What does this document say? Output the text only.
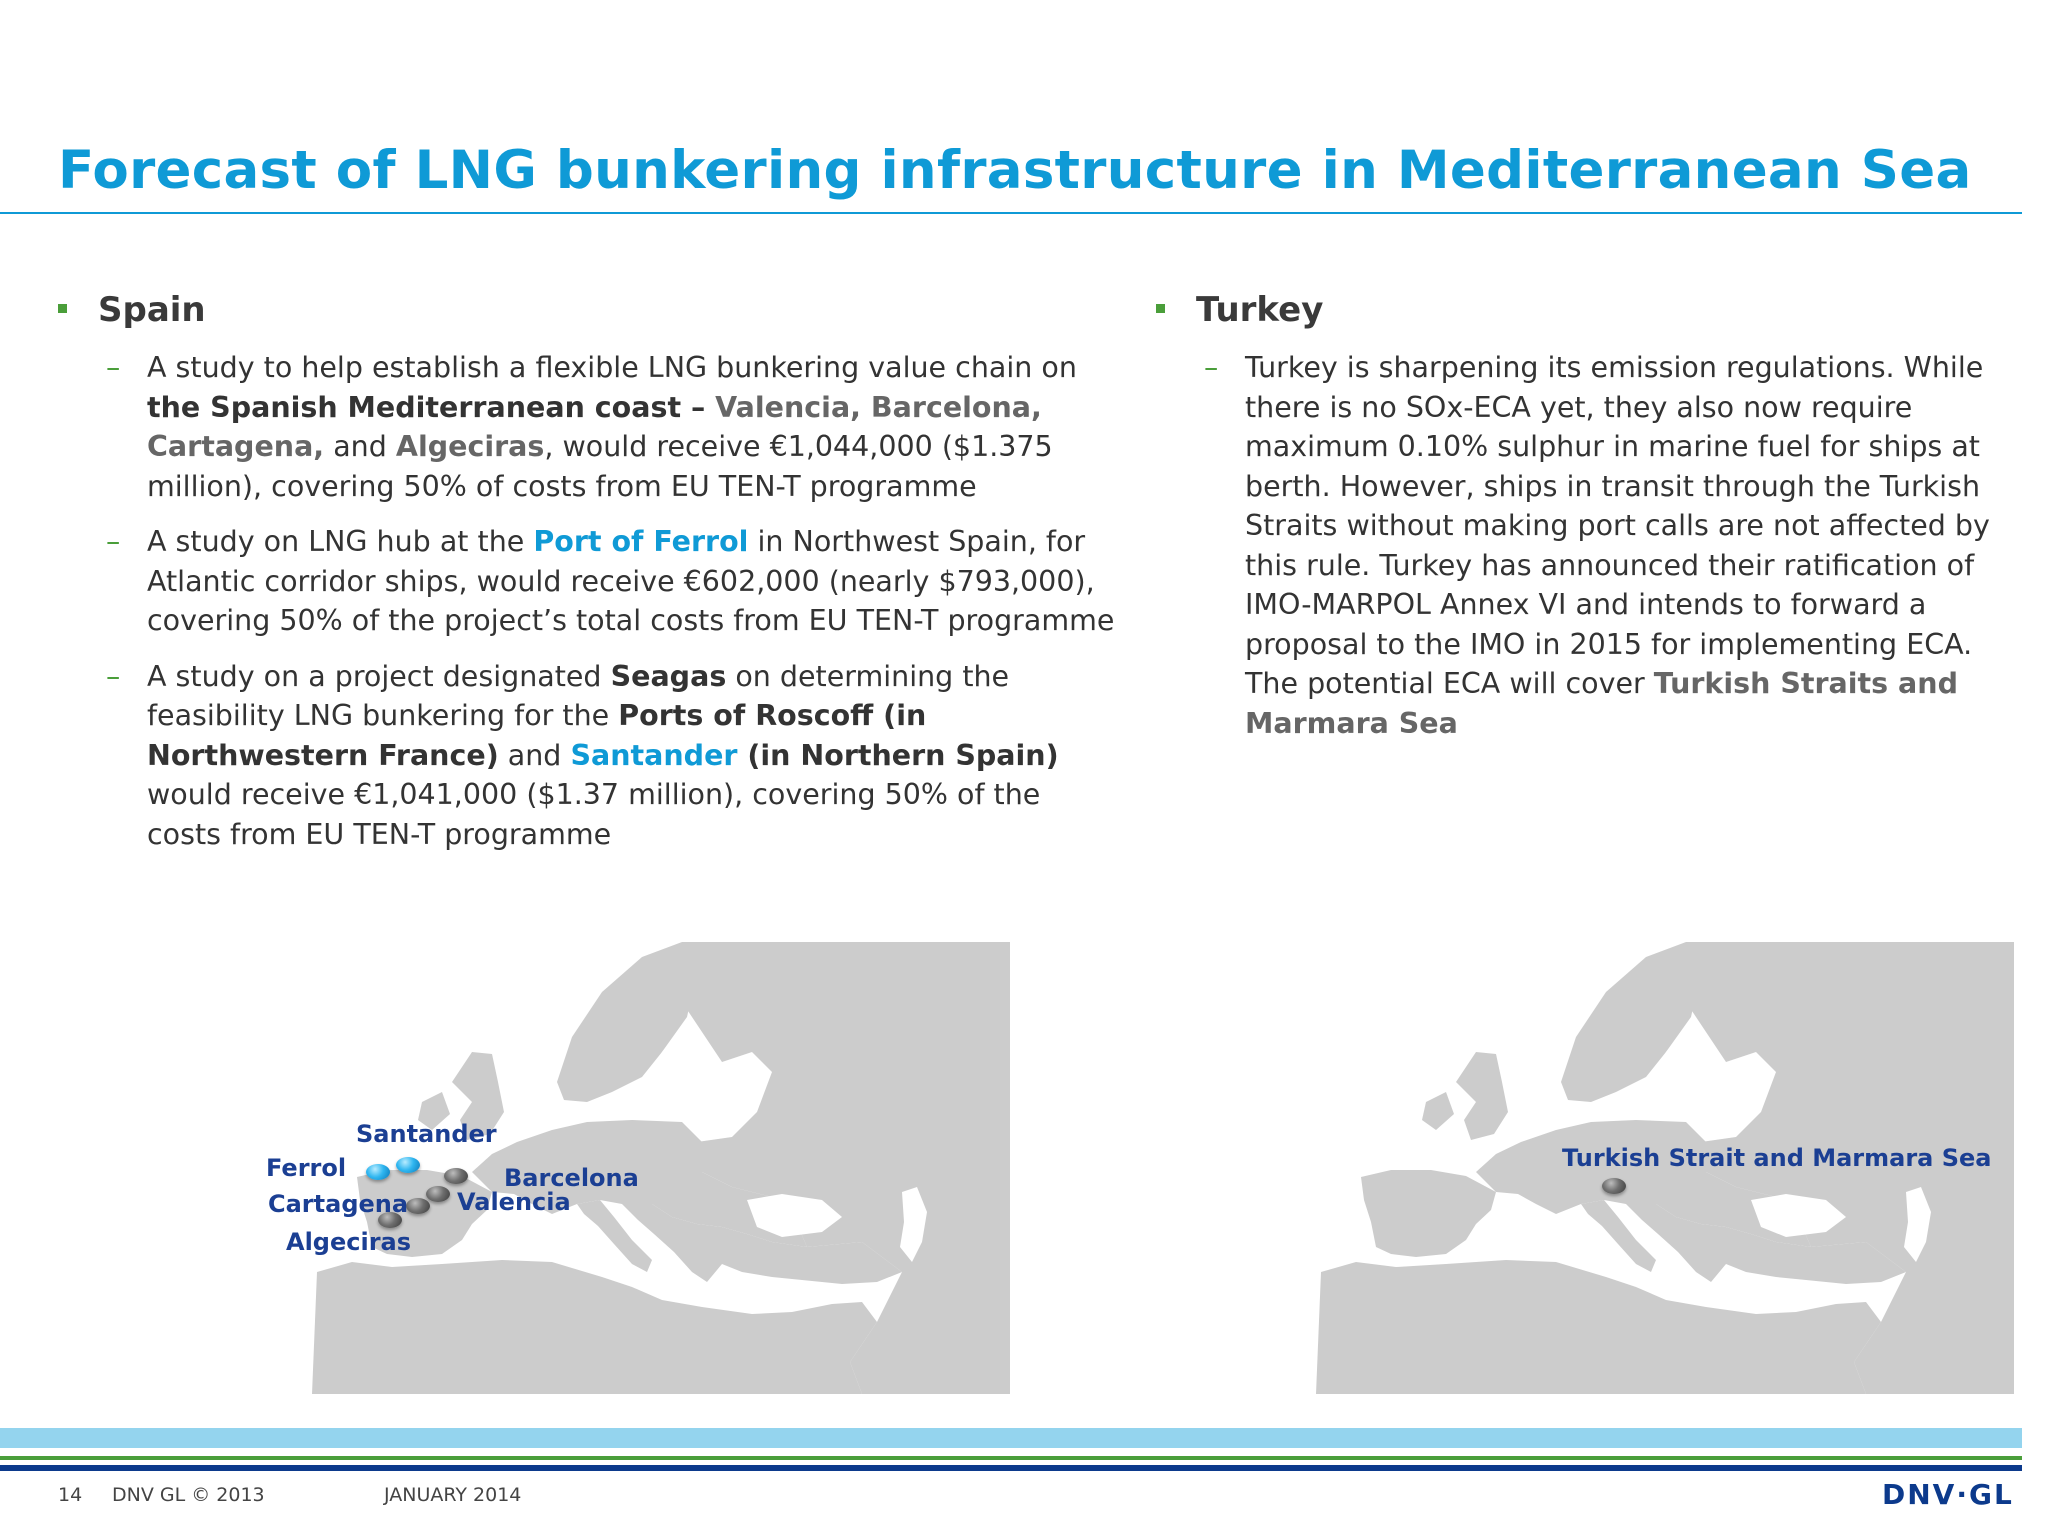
Forecast of LNG bunkering infrastructure in Mediterranean Sea
Spain
– A study to help establish a flexible LNG bunkering value chain on the Spanish Mediterranean coast – Valencia, Barcelona, Cartagena, and Algeciras, would receive €1,044,000 ($1.375 million), covering 50% of costs from EU TEN-T programme
– A study on LNG hub at the Port of Ferrol in Northwest Spain, for Atlantic corridor ships, would receive €602,000 (nearly $793,000), covering 50% of the project’s total costs from EU TEN-T programme
– A study on a project designated Seagas on determining the feasibility LNG bunkering for the Ports of Roscoff (in Northwestern France) and Santander (in Northern Spain) would receive €1,041,000 ($1.37 million), covering 50% of the costs from EU TEN-T programme
Turkey
– Turkey is sharpening its emission regulations. While there is no SOx-ECA yet, they also now require maximum 0.10% sulphur in marine fuel for ships at berth. However, ships in transit through the Turkish Straits without making port calls are not affected by this rule. Turkey has announced their ratification of IMO-MARPOL Annex VI and intends to forward a proposal to the IMO in 2015 for implementing ECA. The potential ECA will cover Turkish Straits and Marmara Sea
Santander
Ferrol	Barcelona
Cartagena Valencia
Algeciras
Turkish Strait and Marmara Sea
14 DNV GL © 2013	JANUARY 2014	DNV·GL
